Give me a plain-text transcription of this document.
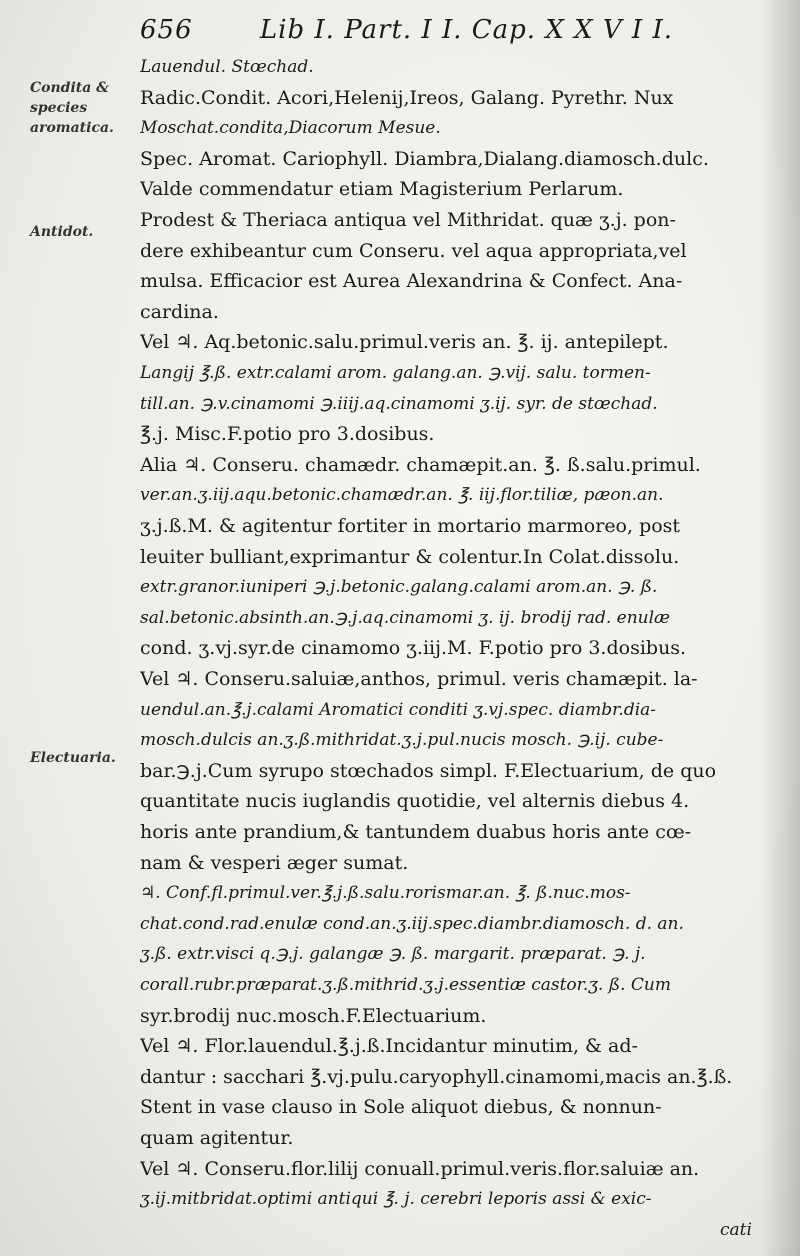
656	Lib I. Part. I I. Cap. X X V I I.
Condita & species aromatica.
Antidot.
Electuaria.
Lauendul. Stœchad.
Radic.Condit. Acori,Helenij,Ireos, Galang. Pyrethr. Nux
Moschat.condita,Diacorum Mesue.
Spec. Aromat. Cariophyll. Diambra,Dialang.diamosch.dulc.
Valde commendatur etiam Magisterium Perlarum.
Prodest & Theriaca antiqua vel Mithridat. quæ ʒ.j. pon-
dere exhibeantur cum Conseru. vel aqua appropriata,vel
mulsa. Efficacior est Aurea Alexandrina & Confect. Ana-
cardina.
Vel ♃. Aq.betonic.salu.primul.veris an. ℥. ij. antepilept.
Langij ℥.ß. extr.calami arom. galang.an. ℈.vij. salu. tormen-
till.an. ℈.v.cinamomi ℈.iiij.aq.cinamomi ʒ.ij. syr. de stœchad.
℥.j. Misc.F.potio pro 3.dosibus.
Alia ♃. Conseru. chamædr. chamæpit.an. ℥. ß.salu.primul.
ver.an.ʒ.iij.aqu.betonic.chamædr.an. ℥. iij.flor.tiliæ, pæon.an.
ʒ.j.ß.M. & agitentur fortiter in mortario marmoreo, post
leuiter bulliant,exprimantur & colentur.In Colat.dissolu.
extr.granor.iuniperi ℈.j.betonic.galang.calami arom.an. ℈. ß.
sal.betonic.absinth.an.℈.j.aq.cinamomi ʒ. ij. brodij rad. enulæ
cond. ʒ.vj.syr.de cinamomo ʒ.iij.M. F.potio pro 3.dosibus.
Vel ♃. Conseru.saluiæ,anthos, primul. veris chamæpit. la-
uendul.an.℥.j.calami Aromatici conditi ʒ.vj.spec. diambr.dia-
mosch.dulcis an.ʒ.ß.mithridat.ʒ.j.pul.nucis mosch. ℈.ij. cube-
bar.℈.j.Cum syrupo stœchados simpl. F.Electuarium, de quo
quantitate nucis iuglandis quotidie, vel alternis diebus 4.
horis ante prandium,& tantundem duabus horis ante cœ-
nam & vesperi æger sumat.
♃. Conf.fl.primul.ver.℥.j.ß.salu.rorismar.an. ℥. ß.nuc.mos-
chat.cond.rad.enulæ cond.an.ʒ.iij.spec.diambr.diamosch. d. an.
ʒ.ß. extr.visci q.℈.j. galangæ ℈. ß. margarit. præparat. ℈. j.
corall.rubr.præparat.ʒ.ß.mithrid.ʒ.j.essentiæ castor.ʒ. ß. Cum
syr.brodij nuc.mosch.F.Electuarium.
Vel ♃. Flor.lauendul.℥.j.ß.Incidantur minutim, & ad-
dantur : sacchari ℥.vj.pulu.caryophyll.cinamomi,macis an.℥.ß.
Stent in vase clauso in Sole aliquot diebus, & nonnun-
quam agitentur.
Vel ♃. Conseru.flor.lilij conuall.primul.veris.flor.saluiæ an.
ʒ.ij.mitbridat.optimi antiqui ℥. j. cerebri leporis assi & exic-
cati
